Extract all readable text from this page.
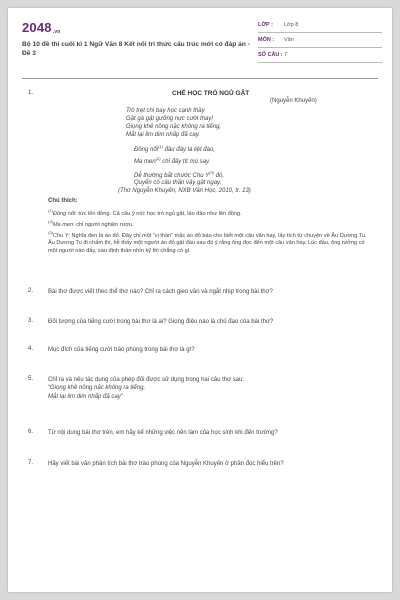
2048.vn
Bộ 10 đề thi cuối kì 1 Ngữ Văn 8 Kết nối tri thức cấu trúc mới có đáp án - Đề 3
LỚP :	Lớp 8
MÔN :	Văn
SỐ CÂU : 7
1.	CHẾ HỌC TRÒ NGỦ GẬT
(Nguyễn Khuyến)
Trò trẹt chi bay học cạnh thầy
Gật gà gật gưỡng nực cười thay!
Giọng khê nồng nặc không ra tiếng,
Mắt lại lim dim nhấp đã cay.
Đồng nổi$^{(1)}$ đâu đây là liệt đáo,
Ma men$^{(2)}$ chỉ đấy tít mù say.
Dễ thường bắt chước Chu $Y^{(3)}$ đó,
Quyển có câu thần vậy gật ngay.
(Thơ Nguyễn Khuyến, NXB Văn Học, 2010, tr. 13)
Chú thích:
$^{(1)}$Đồng nổi: tức lên đồng. Cả câu ý nói: học trò ngủ gật, láo đảo như lên đồng.
$^{(2)}$Ma men: chỉ người nghiện rượu.
$^{(3)}$Chu Y: Nghĩa đen là áo đỏ. Đây chỉ một “vị thần” mặc áo đỏ báo cho biết một câu văn hay, lấy tích từ chuyện về Âu Dương Tu. Âu Dương Tu đi chấm thi, hễ thấy một người áo đỏ gật đầu sau đó ý rằng ông đọc đến một câu văn hay. Lúc đầu, ông tưởng có một người nào đấy, sau định thần nhìn kỹ thì chẳng có gì.
2. Bài thơ được viết theo thể thơ nào? Chỉ ra cách gieo vần và ngắt nhịp trong bài thơ?
3. Đối tượng của tiếng cười trong bài thơ là ai? Giọng điệu nào là chủ đạo của bài thơ?
4. Mục đích của tiếng cười trào phúng trong bài thơ là gì?
5. Chỉ ra và nêu tác dụng của phép đối được sử dụng trong hai câu thơ sau:
“Giọng khê nồng nặc không ra tiếng,
Mắt lại lim dim nhấp đã cay”
6. Từ nội dung bài thơ trên, em hãy kể những việc nên làm của học sinh khi đến trường?
7. Hãy viết bài văn phân tích bài thơ trào phúng của Nguyễn Khuyến ở phần đọc hiểu trên?
